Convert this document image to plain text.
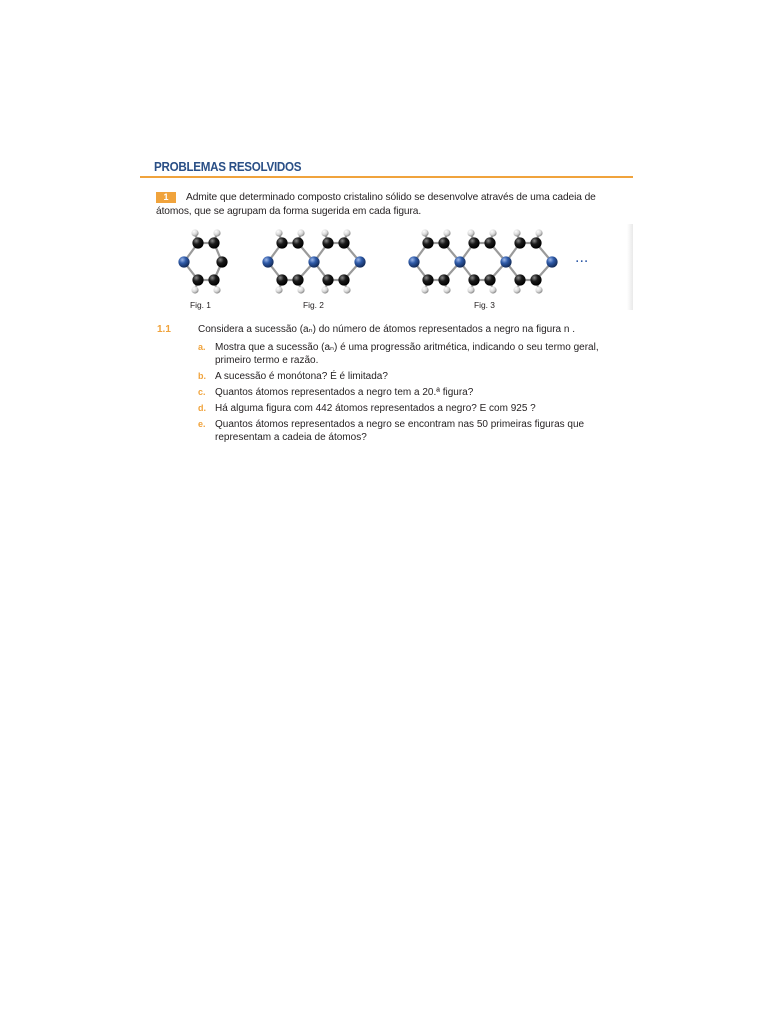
PROBLEMAS RESOLVIDOS
1	Admite que determinado composto cristalino sólido se desenvolve através de uma cadeia de átomos, que se agrupam da forma sugerida em cada figura.
...
Fig. 1	Fig. 2	Fig. 3
1.1	Considera a sucessão (aₙ) do número de átomos representados a negro na figura n .
a. Mostra que a sucessão (aₙ) é uma progressão aritmética, indicando o seu termo geral, primeiro termo e razão.
b. A sucessão é monótona? É é limitada?
c. Quantos átomos representados a negro tem a 20.ª figura?
d. Há alguma figura com 442 átomos representados a negro? E com 925 ?
e. Quantos átomos representados a negro se encontram nas 50 primeiras figuras que representam a cadeia de átomos?
